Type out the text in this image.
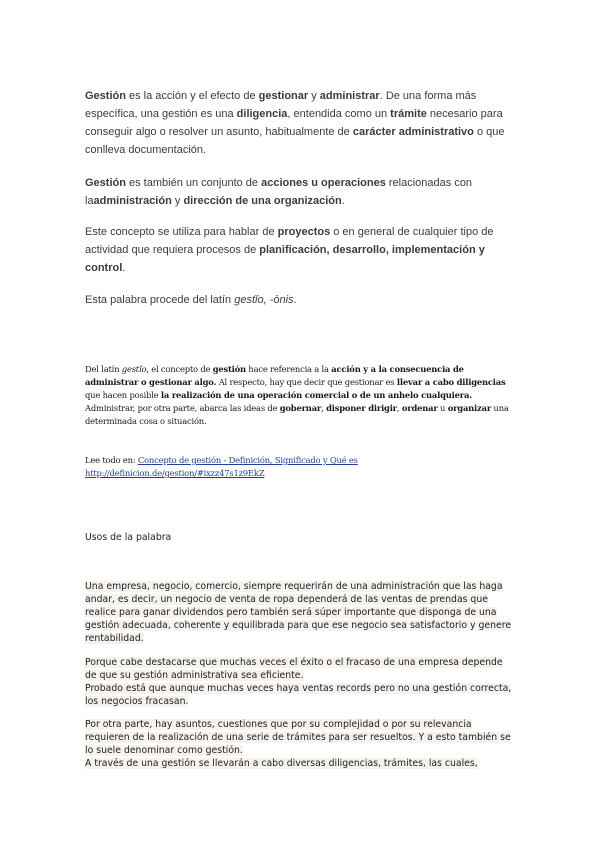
Gestión es la acción y el efecto de gestionar y administrar. De una forma más específica, una gestión es una diligencia, entendida como un trámite necesario para conseguir algo o resolver un asunto, habitualmente de carácter administrativo o que conlleva documentación.

Gestión es también un conjunto de acciones u operaciones relacionadas con laadministración y dirección de una organización.

Este concepto se utiliza para hablar de proyectos o en general de cualquier tipo de actividad que requiera procesos de planificación, desarrollo, implementación y control.

Esta palabra procede del latín gestĭo, -ōnis.

Del latín gestĭo, el concepto de gestión hace referencia a la acción y a la consecuencia de administrar o gestionar algo. Al respecto, hay que decir que gestionar es llevar a cabo diligencias que hacen posible la realización de una operación comercial o de un anhelo cualquiera. Administrar, por otra parte, abarca las ideas de gobernar, disponer dirigir, ordenar u organizar una determinada cosa o situación.

Lee todo en: Concepto de gestión - Definición, Significado y Qué es http://definicion.de/gestion/#ixzz47s1z9EkZ

Usos de la palabra

Una empresa, negocio, comercio, siempre requerirán de una administración que las haga andar, es decir, un negocio de venta de ropa dependerá de las ventas de prendas que realice para ganar dividendos pero también será súper importante que disponga de una gestión adecuada, coherente y equilibrada para que ese negocio sea satisfactorio y genere rentabilidad.

Porque cabe destacarse que muchas veces el éxito o el fracaso de una empresa depende de que su gestión administrativa sea eficiente.
Probado está que aunque muchas veces haya ventas records pero no una gestión correcta, los negocios fracasan.

Por otra parte, hay asuntos, cuestiones que por su complejidad o por su relevancia requieren de la realización de una serie de trámites para ser resueltos. Y a esto también se lo suele denominar como gestión.
A través de una gestión se llevarán a cabo diversas diligencias, trámites, las cuales,
